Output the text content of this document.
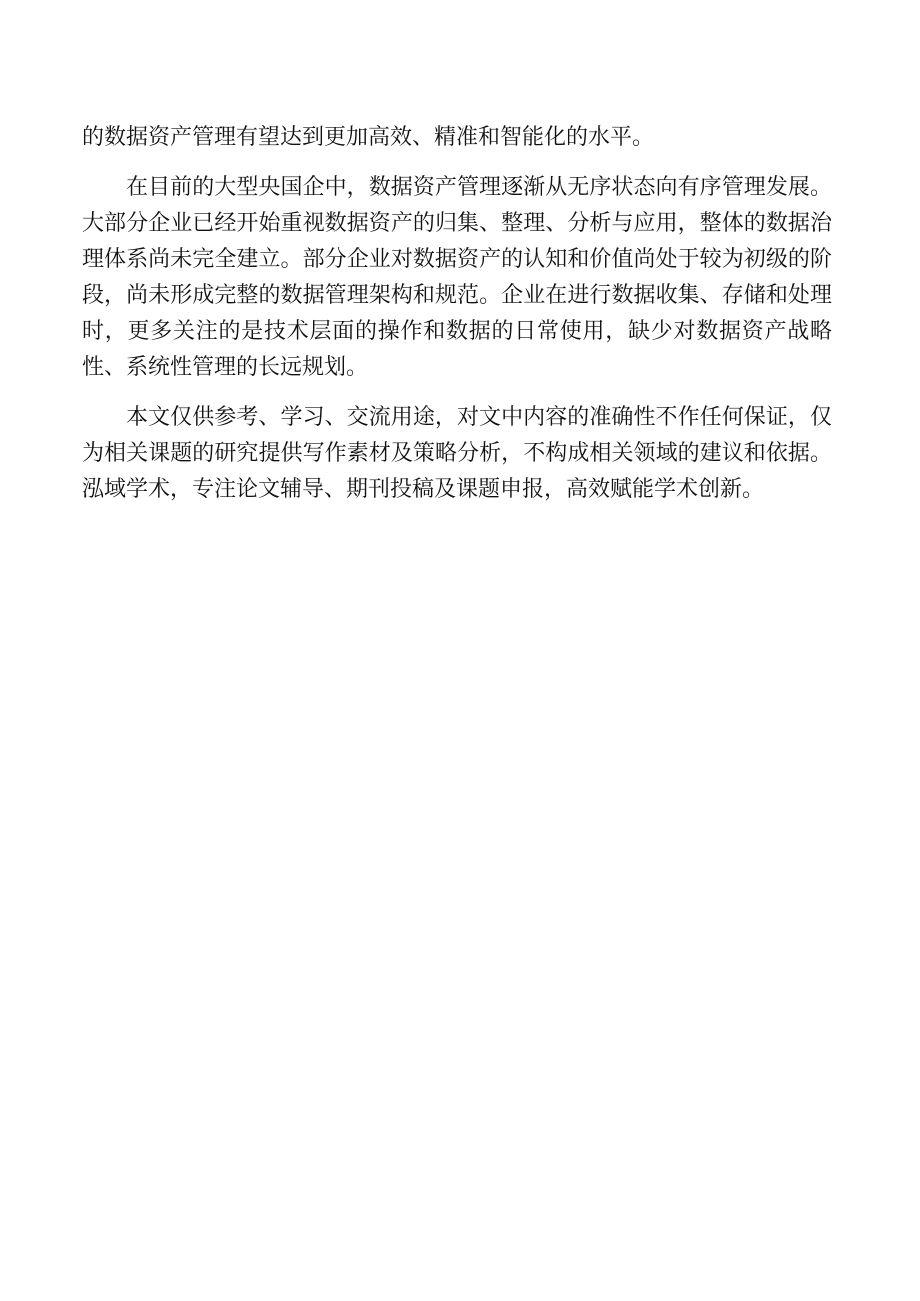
的数据资产管理有望达到更加高效、精准和智能化的水平。

在目前的大型央国企中，数据资产管理逐渐从无序状态向有序管理发展。大部分企业已经开始重视数据资产的归集、整理、分析与应用，整体的数据治理体系尚未完全建立。部分企业对数据资产的认知和价值尚处于较为初级的阶段，尚未形成完整的数据管理架构和规范。企业在进行数据收集、存储和处理时，更多关注的是技术层面的操作和数据的日常使用，缺少对数据资产战略性、系统性管理的长远规划。

本文仅供参考、学习、交流用途，对文中内容的准确性不作任何保证，仅为相关课题的研究提供写作素材及策略分析，不构成相关领域的建议和依据。泓域学术，专注论文辅导、期刊投稿及课题申报，高效赋能学术创新。
